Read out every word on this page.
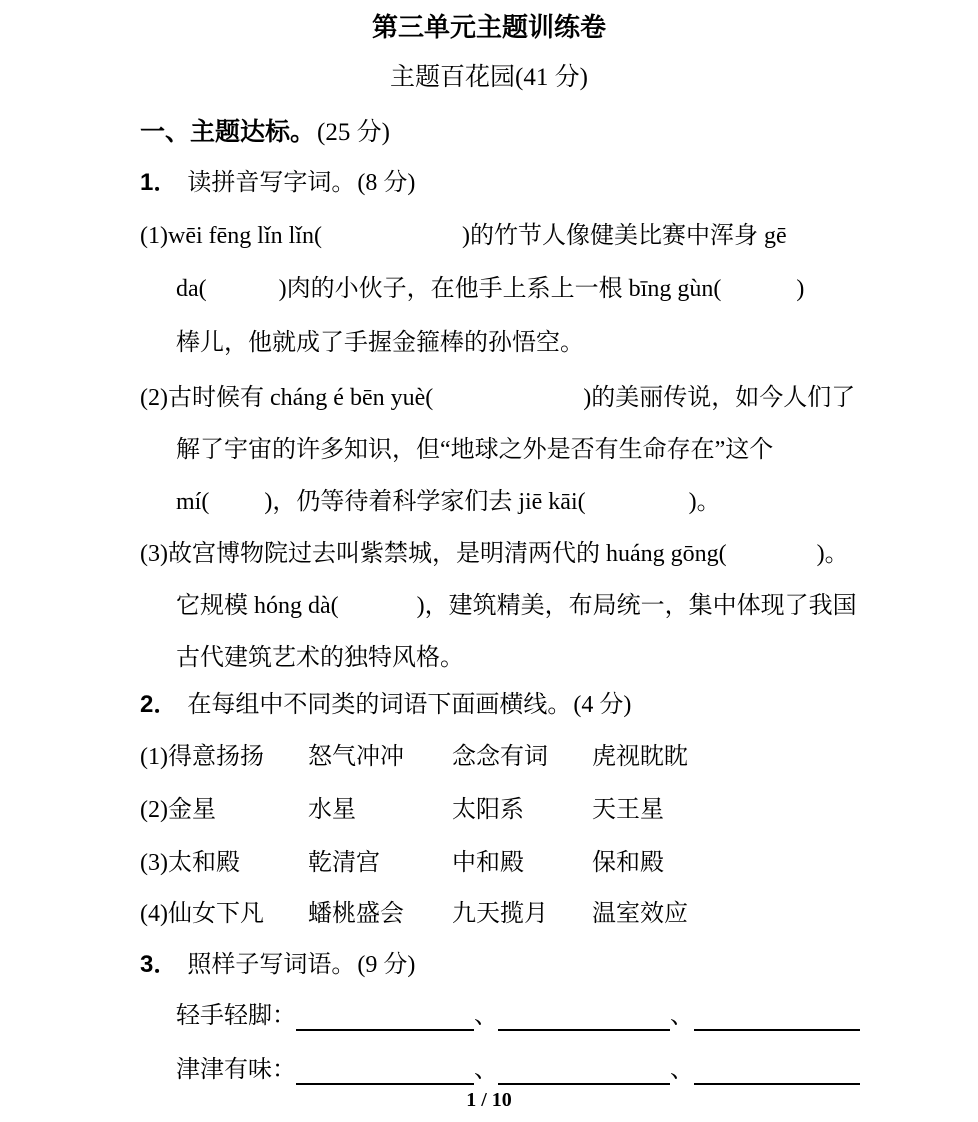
第三单元主题训练卷
主题百花园(41 分)
一、主题达标。(25 分)
1． 读拼音写字词。(8 分)
(1)wēi fēng lǐn lǐn(	)的竹节人像健美比赛中浑身 gē
da(	)肉的小伙子，在他手上系上一根 bīng gùn(	)
棒儿，他就成了手握金箍棒的孙悟空。
(2)古时候有 cháng é bēn yuè(	)的美丽传说，如今人们了
解了宇宙的许多知识，但“地球之外是否有生命存在”这个
mí( )，仍等待着科学家们去 jiē kāi(	)。
(3)故宫博物院过去叫紫禁城，是明清两代的 huáng gōng(	)。
它规模 hóng dà(	)，建筑精美，布局统一，集中体现了我国
古代建筑艺术的独特风格。
2． 在每组中不同类的词语下面画横线。(4 分)
(1)得意扬扬 怒气冲冲 念念有词 虎视眈眈
(2)金星	水星	太阳系	天王星
(3)太和殿	乾清宫	中和殿	保和殿
(4)仙女下凡 蟠桃盛会 九天揽月 温室效应
3． 照样子写词语。(9 分)
轻手轻脚：	、	、
津津有味：	、	、
1 / 10
